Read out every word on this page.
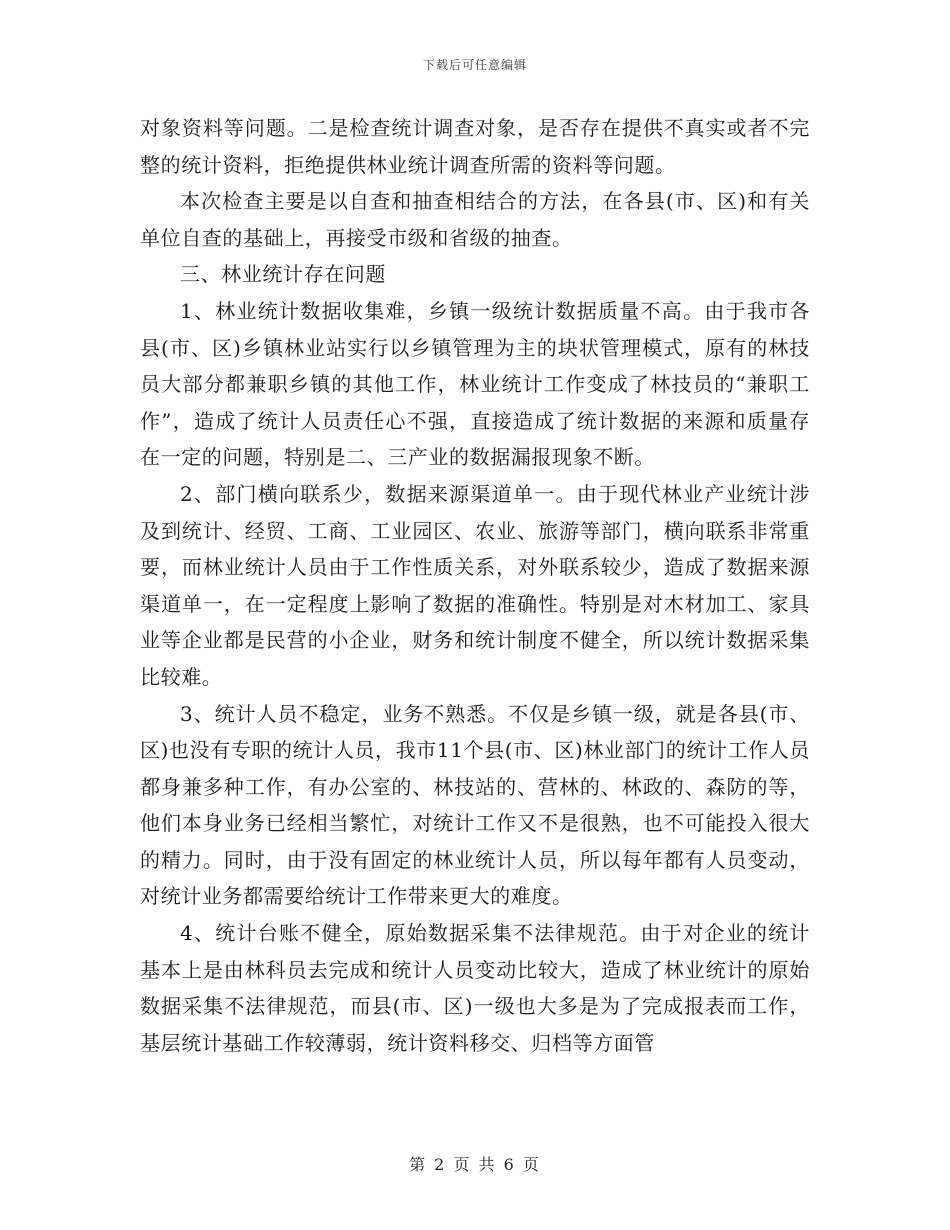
下载后可任意编辑

对象资料等问题。二是检查统计调查对象，是否存在提供不真实或者不完整的统计资料，拒绝提供林业统计调查所需的资料等问题。

本次检查主要是以自查和抽查相结合的方法，在各县(市、区)和有关单位自查的基础上，再接受市级和省级的抽查。

三、林业统计存在问题

1、林业统计数据收集难，乡镇一级统计数据质量不高。由于我市各县(市、区)乡镇林业站实行以乡镇管理为主的块状管理模式，原有的林技员大部分都兼职乡镇的其他工作，林业统计工作变成了林技员的“兼职工作”，造成了统计人员责任心不强，直接造成了统计数据的来源和质量存在一定的问题，特别是二、三产业的数据漏报现象不断。

2、部门横向联系少，数据来源渠道单一。由于现代林业产业统计涉及到统计、经贸、工商、工业园区、农业、旅游等部门，横向联系非常重要，而林业统计人员由于工作性质关系，对外联系较少，造成了数据来源渠道单一，在一定程度上影响了数据的准确性。特别是对木材加工、家具业等企业都是民营的小企业，财务和统计制度不健全，所以统计数据采集比较难。

3、统计人员不稳定，业务不熟悉。不仅是乡镇一级，就是各县(市、区)也没有专职的统计人员，我市11个县(市、区)林业部门的统计工作人员都身兼多种工作，有办公室的、林技站的、营林的、林政的、森防的等，他们本身业务已经相当繁忙，对统计工作又不是很熟，也不可能投入很大的精力。同时，由于没有固定的林业统计人员，所以每年都有人员变动，对统计业务都需要给统计工作带来更大的难度。

4、统计台账不健全，原始数据采集不法律规范。由于对企业的统计基本上是由林科员去完成和统计人员变动比较大，造成了林业统计的原始数据采集不法律规范，而县(市、区)一级也大多是为了完成报表而工作，基层统计基础工作较薄弱，统计资料移交、归档等方面管

第 2 页 共 6 页
